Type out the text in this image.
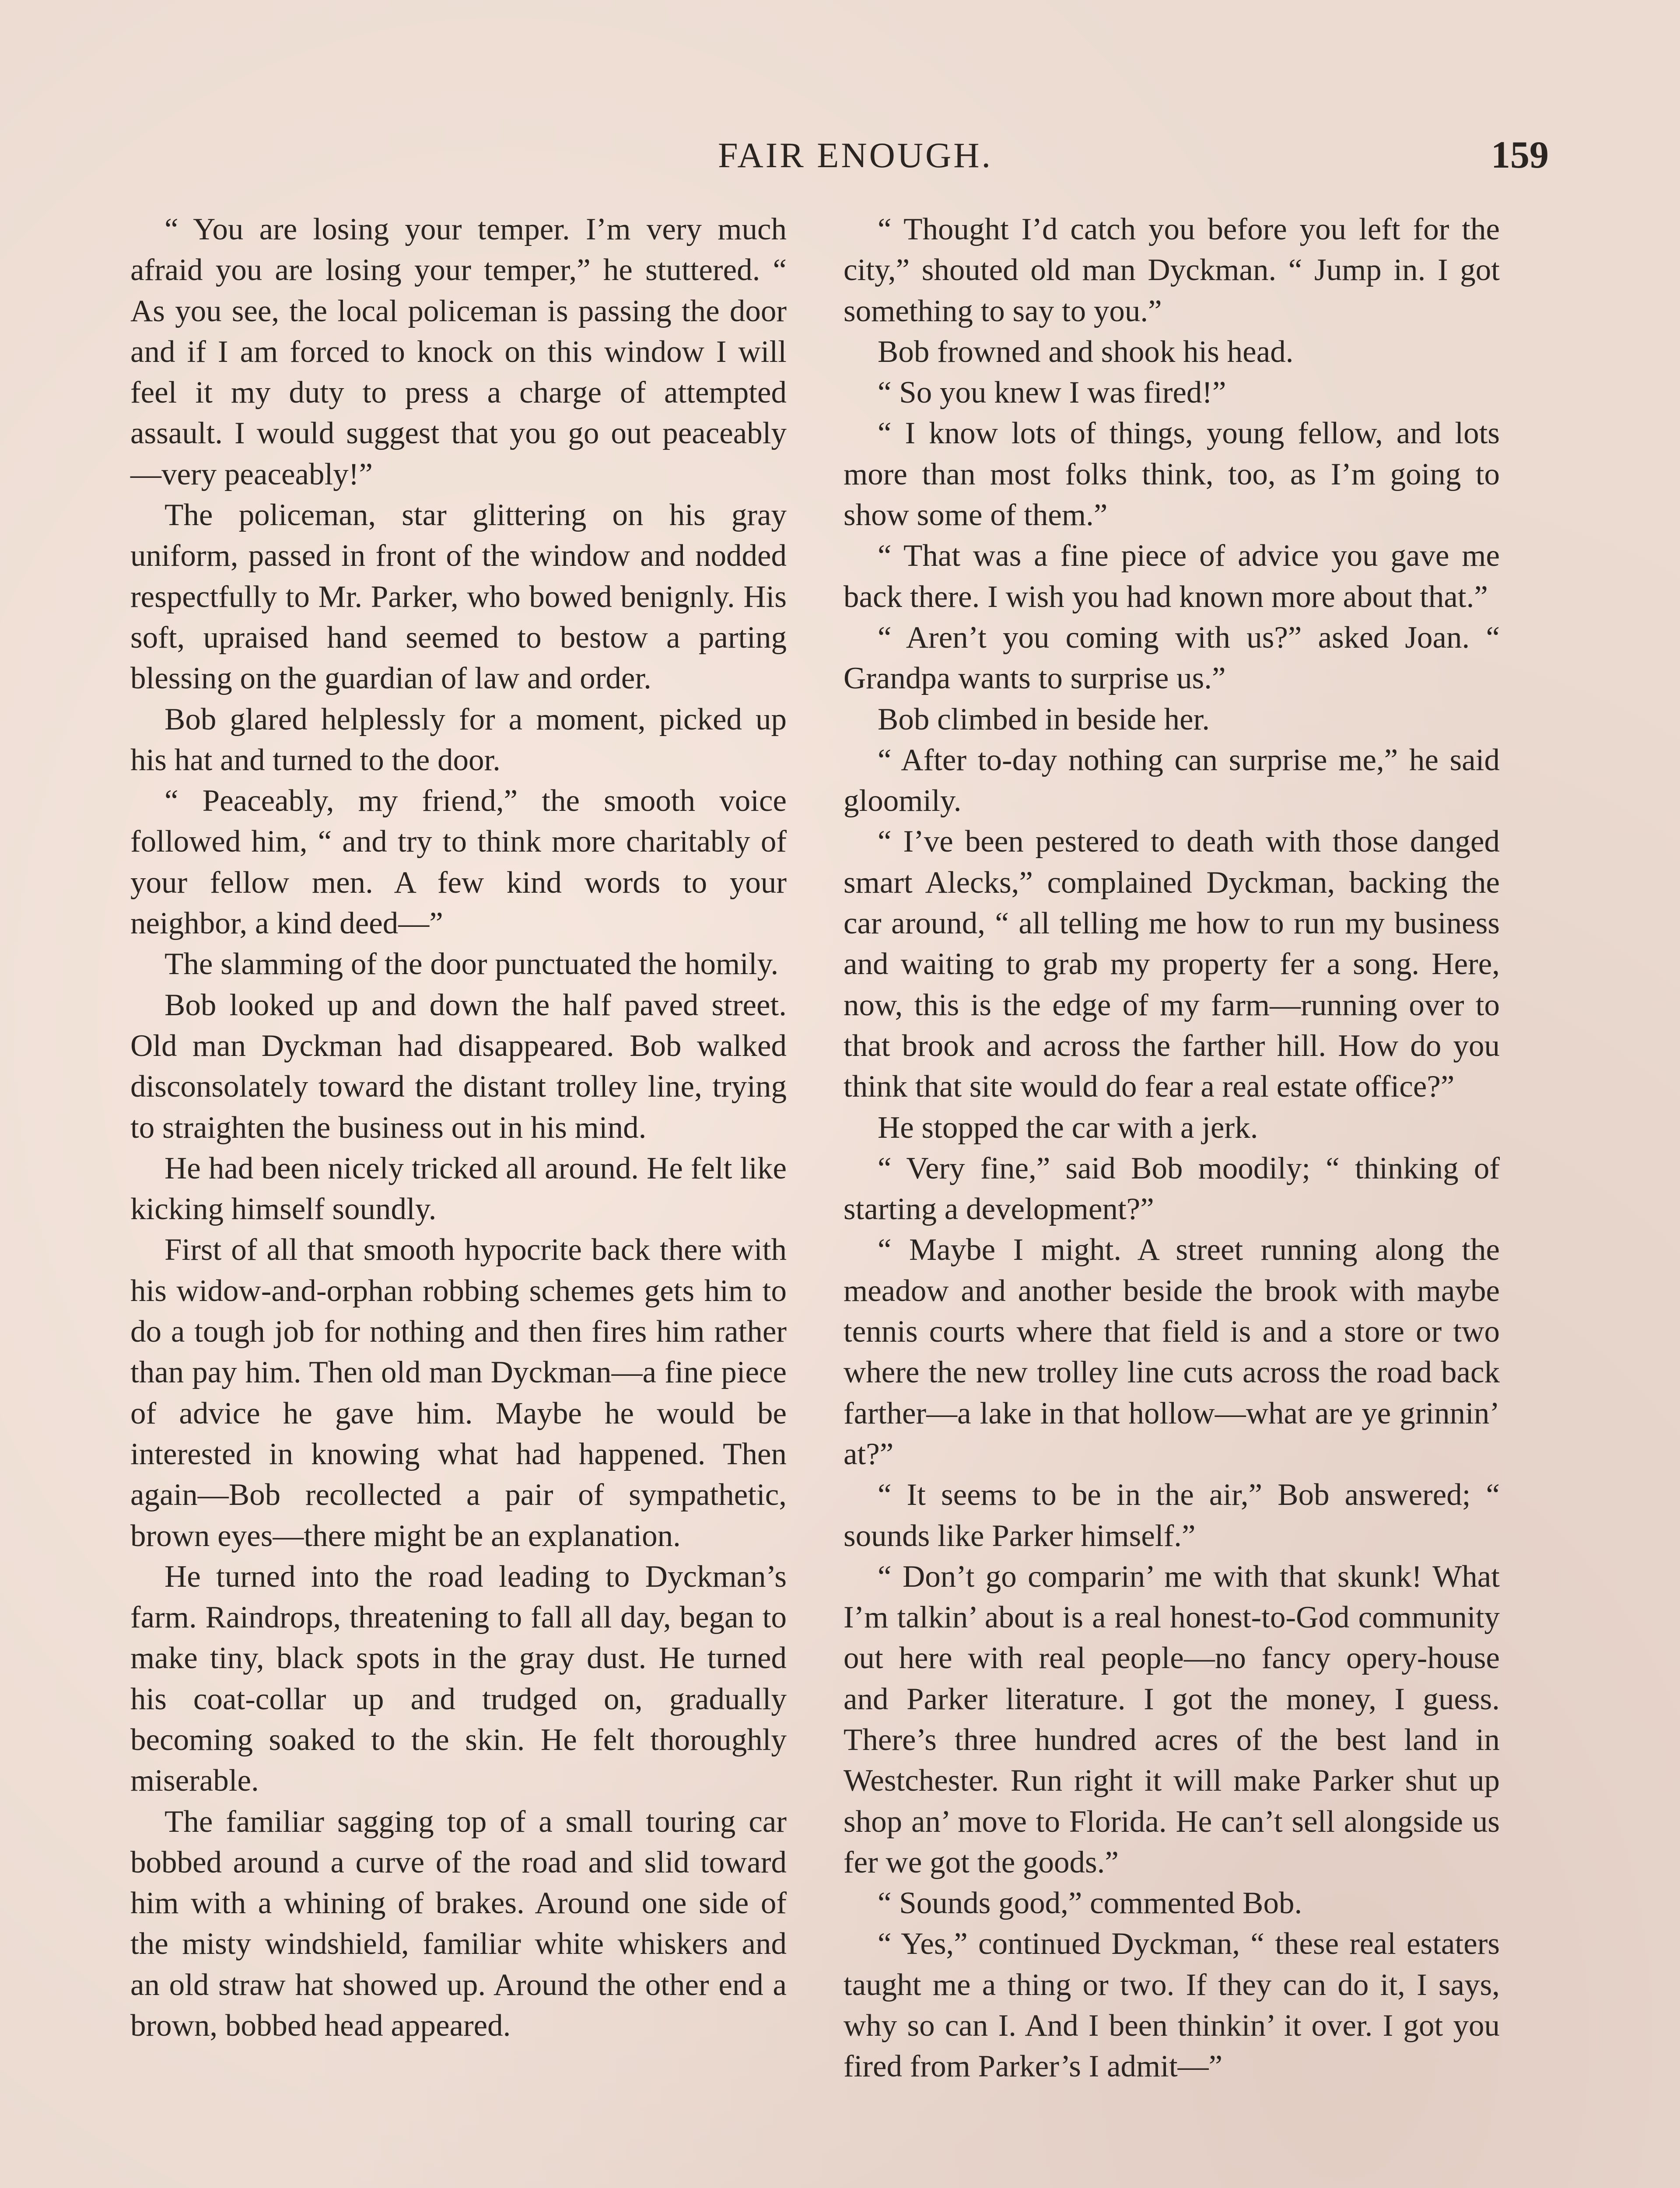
FAIR ENOUGH.	159

“ You are losing your temper. I’m very much afraid you are losing your temper,” he stuttered. “ As you see, the local policeman is passing the door and if I am forced to knock on this window I will feel it my duty to press a charge of attempted assault. I would suggest that you go out peaceably —very peaceably!”

The policeman, star glittering on his gray uniform, passed in front of the window and nodded respectfully to Mr. Parker, who bowed benignly. His soft, upraised hand seemed to bestow a parting blessing on the guardian of law and order.

Bob glared helplessly for a moment, picked up his hat and turned to the door.

“ Peaceably, my friend,” the smooth voice followed him, “ and try to think more charitably of your fellow men. A few kind words to your neighbor, a kind deed—”

The slamming of the door punctuated the homily.

Bob looked up and down the half paved street. Old man Dyckman had disappeared. Bob walked disconsolately toward the distant trolley line, trying to straighten the business out in his mind.

He had been nicely tricked all around. He felt like kicking himself soundly.

First of all that smooth hypocrite back there with his widow-and-orphan robbing schemes gets him to do a tough job for nothing and then fires him rather than pay him. Then old man Dyckman—a fine piece of advice he gave him. Maybe he would be interested in knowing what had happened. Then again—Bob recollected a pair of sympathetic, brown eyes—there might be an explanation.

He turned into the road leading to Dyckman’s farm. Raindrops, threatening to fall all day, began to make tiny, black spots in the gray dust. He turned his coat-collar up and trudged on, gradually becoming soaked to the skin. He felt thoroughly miserable.

The familiar sagging top of a small touring car bobbed around a curve of the road and slid toward him with a whining of brakes. Around one side of the misty windshield, familiar white whiskers and an old straw hat showed up. Around the other end a brown, bobbed head appeared.

“ Thought I’d catch you before you left for the city,” shouted old man Dyckman. “ Jump in. I got something to say to you.”

Bob frowned and shook his head.

“ So you knew I was fired!”

“ I know lots of things, young fellow, and lots more than most folks think, too, as I’m going to show some of them.”

“ That was a fine piece of advice you gave me back there. I wish you had known more about that.”

“ Aren’t you coming with us?” asked Joan. “ Grandpa wants to surprise us.”

Bob climbed in beside her.

“ After to-day nothing can surprise me,” he said gloomily.

“ I’ve been pestered to death with those danged smart Alecks,” complained Dyckman, backing the car around, “ all telling me how to run my business and waiting to grab my property fer a song. Here, now, this is the edge of my farm—running over to that brook and across the farther hill. How do you think that site would do fear a real estate office?”

He stopped the car with a jerk.

“ Very fine,” said Bob moodily; “ thinking of starting a development?”

“ Maybe I might. A street running along the meadow and another beside the brook with maybe tennis courts where that field is and a store or two where the new trolley line cuts across the road back farther—a lake in that hollow—what are ye grinnin’ at?”

“ It seems to be in the air,” Bob answered; “ sounds like Parker himself.”

“ Don’t go comparin’ me with that skunk! What I’m talkin’ about is a real honest-to-God community out here with real people—no fancy opery-house and Parker literature. I got the money, I guess. There’s three hundred acres of the best land in Westchester. Run right it will make Parker shut up shop an’ move to Florida. He can’t sell alongside us fer we got the goods.”

“ Sounds good,” commented Bob.

“ Yes,” continued Dyckman, “ these real estaters taught me a thing or two. If they can do it, I says, why so can I. And I been thinkin’ it over. I got you fired from Parker’s I admit—”
